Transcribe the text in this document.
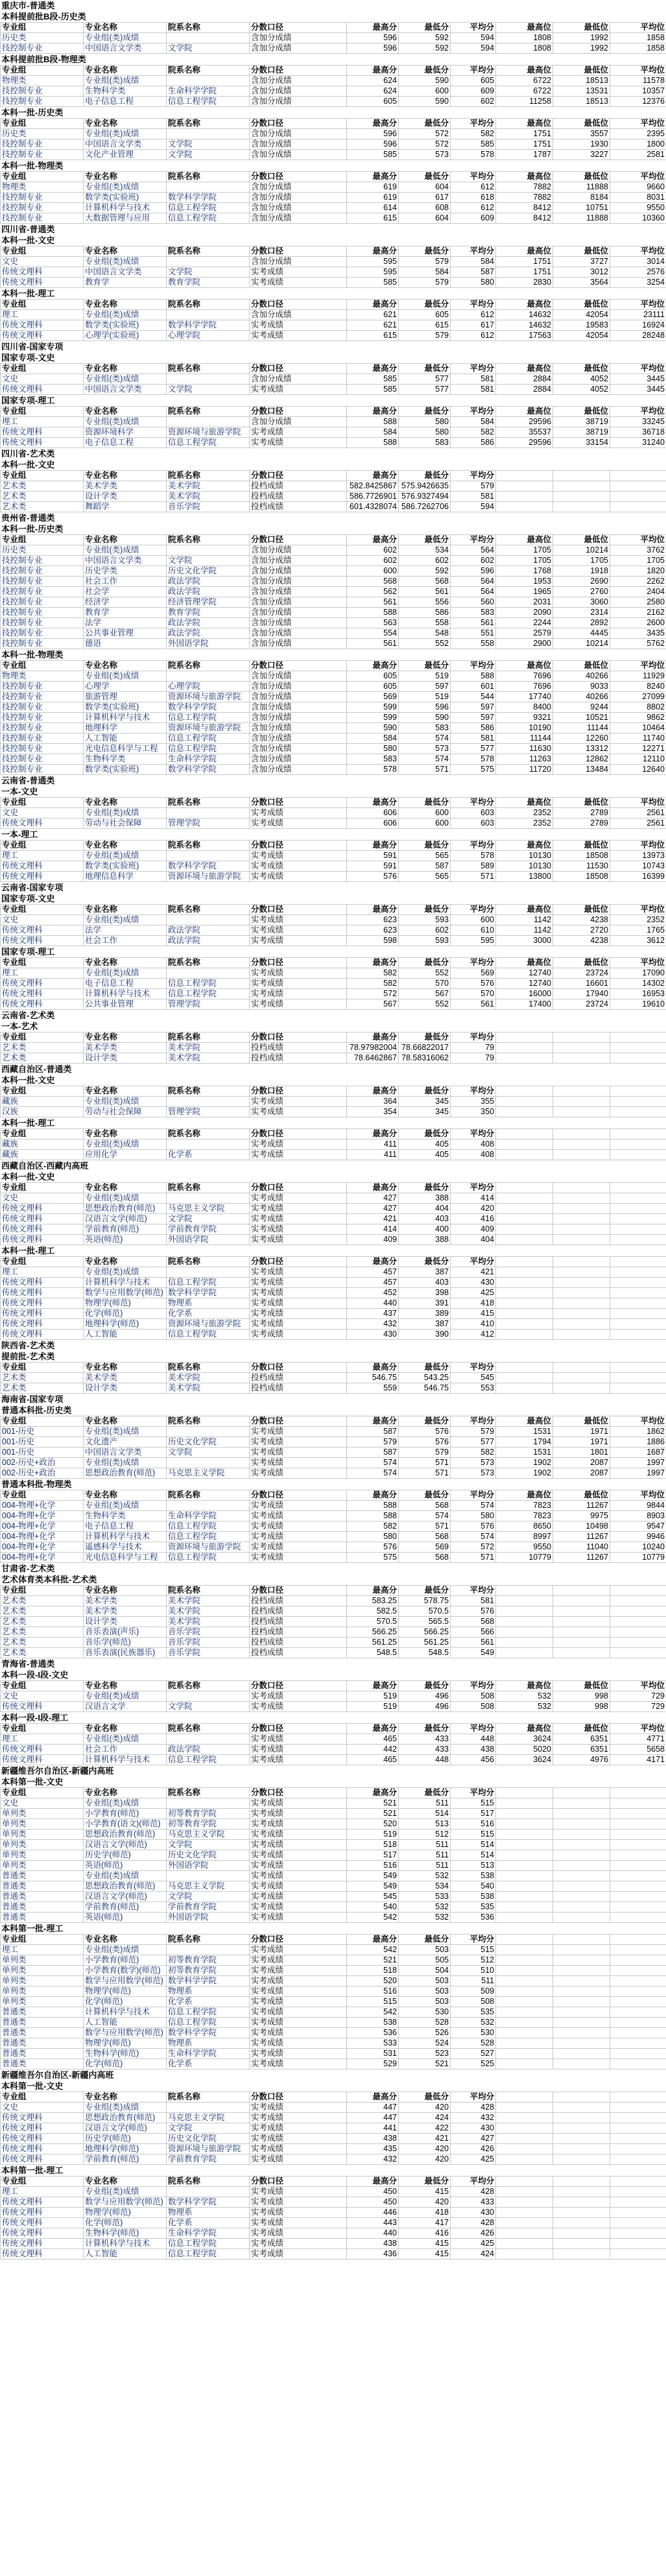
重庆市-普通类
本科提前批B段-历史类
专业组	专业名称	院系名称	分数口径	最高分	最低分	平均分	最高位	最低位	平均位
历史类	专业组(类)成绩		含加分成绩	596	592	594	1808	1992	1858
技控制专业	中国语言文学类	文学院	含加分成绩	596	592	594	1808	1992	1858
本科提前批B段-物理类
专业组	专业名称	院系名称	分数口径	最高分	最低分	平均分	最高位	最低位	平均位
物理类	专业组(类)成绩		含加分成绩	624	590	605	6722	18513	11578
技控制专业	生物科学类	生命科学学院	含加分成绩	624	600	609	6722	13531	10357
技控制专业	电子信息工程	信息工程学院	含加分成绩	605	590	602	11258	18513	12376
本科一批-历史类
专业组	专业名称	院系名称	分数口径	最高分	最低分	平均分	最高位	最低位	平均位
历史类	专业组(类)成绩		含加分成绩	596	572	582	1751	3557	2395
技控制专业	中国语言文学类	文学院	含加分成绩	596	572	585	1751	1930	1800
技控制专业	文化产业管理	文学院	含加分成绩	585	573	578	1787	3227	2581
本科一批-物理类
专业组	专业名称	院系名称	分数口径	最高分	最低分	平均分	最高位	最低位	平均位
物理类	专业组(类)成绩		含加分成绩	619	604	612	7882	11888	9660
技控制专业	数学类(实验班)	数学科学学院	含加分成绩	619	617	618	7882	8184	8031
技控制专业	计算机科学与技术	信息工程学院	含加分成绩	614	608	612	8412	10751	9550
技控制专业	大数据管理与应用	信息工程学院	含加分成绩	615	604	609	8412	11888	10360
四川省-普通类
本科一批-文史
专业组	专业名称	院系名称	分数口径	最高分	最低分	平均分	最高位	最低位	平均位
文史	专业组(类)成绩		含加分成绩	595	579	584	1751	3727	3014
传统文理科	中国语言文学类	文学院	实考成绩	595	584	587	1751	3012	2576
传统文理科	教育学	教育学院	实考成绩	585	579	580	2830	3564	3254
本科一批-理工
专业组	专业名称	院系名称	分数口径	最高分	最低分	平均分	最高位	最低位	平均位
理工	专业组(类)成绩		含加分成绩	621	605	612	14632	42054	23111
传统文理科	数学类(实验班)	数学科学学院	实考成绩	621	615	617	14632	19583	16924
传统文理科	心理学(实验班)	心理学院	实考成绩	615	579	612	17563	42054	28248
四川省-国家专项
国家专项-文史
专业组	专业名称	院系名称	分数口径	最高分	最低分	平均分	最高位	最低位	平均位
文史	专业组(类)成绩		含加分成绩	585	577	581	2884	4052	3445
传统文理科	中国语言文学类	文学院	实考成绩	585	577	581	2884	4052	3445
国家专项-理工
专业组	专业名称	院系名称	分数口径	最高分	最低分	平均分	最高位	最低位	平均位
理工	专业组(类)成绩		含加分成绩	588	580	584	29596	38719	33245
传统文理科	资源环境科学	资源环境与旅游学院	实考成绩	584	580	582	35537	38719	36718
传统文理科	电子信息工程	信息工程学院	实考成绩	588	583	586	29596	33154	31240
四川省-艺术类
本科一批-文史
专业组	专业名称	院系名称	分数口径	最高分	最低分	平均分			
艺术类	美术学类	美术学院	投档成绩	582.8425867	575.9426635	579			
艺术类	设计学类	美术学院	投档成绩	586.7726901	576.9327494	581			
艺术类	舞蹈学	音乐学院	投档成绩	601.4328074	586.7262706	594			
贵州省-普通类
本科一批-历史类
专业组	专业名称	院系名称	分数口径	最高分	最低分	平均分	最高位	最低位	平均位
历史类	专业组(类)成绩		含加分成绩	602	534	564	1705	10214	3762
技控制专业	中国语言文学类	文学院	含加分成绩	602	602	602	1705	1705	1705
技控制专业	历史学类	历史文化学院	含加分成绩	600	592	596	1768	1918	1820
技控制专业	社会工作	政法学院	含加分成绩	568	568	564	1953	2690	2262
技控制专业	社会学	政法学院	含加分成绩	562	561	564	1965	2760	2404
技控制专业	经济学	经济管理学院	含加分成绩	561	556	560	2031	3060	2580
技控制专业	教育学	教育学院	含加分成绩	588	586	583	2090	2314	2162
技控制专业	法学	政法学院	含加分成绩	563	558	561	2244	2892	2600
技控制专业	公共事业管理	政法学院	含加分成绩	554	548	551	2579	4445	3435
技控制专业	德语	外国语学院	含加分成绩	561	552	558	2900	10214	5762
本科一批-物理类
专业组	专业名称	院系名称	分数口径	最高分	最低分	平均分	最高位	最低位	平均位
物理类	专业组(类)成绩		含加分成绩	605	519	588	7696	40266	11929
技控制专业	心理学	心理学院	含加分成绩	605	597	601	7696	9033	8240
技控制专业	旅游管理	资源环境与旅游学院	含加分成绩	569	519	544	17740	40266	27099
技控制专业	数学类(实验班)	数学科学学院	含加分成绩	599	596	597	8400	9244	8802
技控制专业	计算机科学与技术	信息工程学院	含加分成绩	599	590	597	9321	10521	9862
技控制专业	地理科学	资源环境与旅游学院	含加分成绩	590	583	586	10190	11144	10464
技控制专业	人工智能	信息工程学院	含加分成绩	584	574	581	11144	12260	11740
技控制专业	光电信息科学与工程	信息工程学院	含加分成绩	580	573	577	11630	13312	12271
技控制专业	生物科学类	生命科学学院	含加分成绩	583	574	578	11263	12862	12110
技控制专业	数学类(实验班)	数学科学学院	含加分成绩	578	571	575	11720	13484	12640
云南省-普通类
一本-文史
专业组	专业名称	院系名称	分数口径	最高分	最低分	平均分	最高位	最低位	平均位
文史	专业组(类)成绩		实考成绩	606	600	603	2352	2789	2561
传统文理科	劳动与社会保障	管理学院	实考成绩	606	600	603	2352	2789	2561
一本-理工
专业组	专业名称	院系名称	分数口径	最高分	最低分	平均分	最高位	最低位	平均位
理工	专业组(类)成绩		实考成绩	591	565	578	10130	18508	13973
传统文理科	数学类(实验班)	数学科学学院	实考成绩	591	587	589	10130	11530	10743
传统文理科	地理信息科学	资源环境与旅游学院	实考成绩	576	565	571	13800	18508	16399
云南省-国家专项
国家专项-文史
专业组	专业名称	院系名称	分数口径	最高分	最低分	平均分	最高位	最低位	平均位
文史	专业组(类)成绩		实考成绩	623	593	600	1142	4238	2352
传统文理科	法学	政法学院	实考成绩	623	602	610	1142	2720	1765
传统文理科	社会工作	政法学院	实考成绩	598	593	595	3000	4238	3612
国家专项-理工
专业组	专业名称	院系名称	分数口径	最高分	最低分	平均分	最高位	最低位	平均位
理工	专业组(类)成绩		实考成绩	582	552	569	12740	23724	17090
传统文理科	电子信息工程	信息工程学院	实考成绩	582	570	576	12740	16601	14302
传统文理科	计算机科学与技术	信息工程学院	实考成绩	572	567	570	16000	17940	16953
传统文理科	公共事业管理	管理学院	实考成绩	567	552	561	17400	23724	19610
云南省-艺术类
一本-艺术
专业组	专业名称	院系名称	分数口径	最高分	最低分	平均分			
艺术类	美术学类	美术学院	投档成绩	78.97982004	78.66822017	79			
艺术类	设计学类	美术学院	投档成绩	78.6462867	78.58316062	79			
西藏自治区-普通类
本科一批-文史
专业组	专业名称	院系名称	分数口径	最高分	最低分	平均分			
藏族	专业组(类)成绩		实考成绩	364	345	355			
汉族	劳动与社会保障	管理学院	实考成绩	354	345	350			
本科一批-理工
专业组	专业名称	院系名称	分数口径	最高分	最低分	平均分			
藏族	专业组(类)成绩		实考成绩	411	405	408			
藏族	应用化学	化学系	实考成绩	411	405	408			
西藏自治区-西藏内高班
本科一批-文史
专业组	专业名称	院系名称	分数口径	最高分	最低分	平均分			
文史	专业组(类)成绩		实考成绩	427	388	414			
传统文理科	思想政治教育(师范)	马克思主义学院	实考成绩	427	404	420			
传统文理科	汉语言文学(师范)	文学院	实考成绩	421	403	416			
传统文理科	学前教育(师范)	学前教育学院	实考成绩	414	400	409			
传统文理科	英语(师范)	外国语学院	实考成绩	409	388	404			
本科一批-理工
专业组	专业名称	院系名称	分数口径	最高分	最低分	平均分			
理工	专业组(类)成绩		实考成绩	457	387	421			
传统文理科	计算机科学与技术	信息工程学院	实考成绩	457	403	430			
传统文理科	数学与应用数学(师范)	数学科学学院	实考成绩	452	398	425			
传统文理科	物理学(师范)	物理系	实考成绩	440	391	418			
传统文理科	化学(师范)	化学系	实考成绩	437	389	415			
传统文理科	地理科学(师范)	资源环境与旅游学院	实考成绩	432	387	410			
传统文理科	人工智能	信息工程学院	实考成绩	430	390	412			
陕西省-艺术类
提前批-艺术类
专业组	专业名称	院系名称	分数口径	最高分	最低分	平均分			
艺术类	美术学类	美术学院	投档成绩	546.75	543.25	545			
艺术类	设计学类	美术学院	投档成绩	559	546.75	553			
海南省-国家专项
普通本科批-历史类
专业组	专业名称	院系名称	分数口径	最高分	最低分	平均分	最高位	最低位	平均位
001-历史	专业组(类)成绩		实考成绩	587	576	579	1531	1971	1862
001-历史	文化遗产	历史文化学院	实考成绩	579	576	577	1794	1971	1886
001-历史	中国语言文学类	文学院	实考成绩	587	579	582	1531	1801	1687
002-历史+政治	专业组(类)成绩		实考成绩	574	571	573	1902	2087	1997
002-历史+政治	思想政治教育(师范)	马克思主义学院	实考成绩	574	571	573	1902	2087	1997
普通本科批-物理类
专业组	专业名称	院系名称	分数口径	最高分	最低分	平均分	最高位	最低位	平均位
004-物理+化学	专业组(类)成绩		实考成绩	588	568	574	7823	11267	9844
004-物理+化学	生物科学类	生命科学学院	实考成绩	588	574	580	7823	9975	8903
004-物理+化学	电子信息工程	信息工程学院	实考成绩	582	571	576	8650	10498	9547
004-物理+化学	计算机科学与技术	信息工程学院	实考成绩	580	568	574	8997	11267	9946
004-物理+化学	遥感科学与技术	资源环境与旅游学院	实考成绩	576	569	572	9550	11040	10240
004-物理+化学	光电信息科学与工程	信息工程学院	实考成绩	575	568	571	10779	11267	10779
甘肃省-艺术类
艺术体育类本科批-艺术类
专业组	专业名称	院系名称	分数口径	最高分	最低分	平均分			
艺术类	美术学类	美术学院	投档成绩	583.25	578.75	581			
艺术类	美术学类	美术学院	投档成绩	582.5	570.5	576			
艺术类	设计学类	美术学院	投档成绩	570.5	565.5	568			
艺术类	音乐表演(声乐)	音乐学院	投档成绩	566.25	566.25	566			
艺术类	音乐学(师范)	音乐学院	投档成绩	561.25	561.25	561			
艺术类	音乐表演(民族器乐)	音乐学院	投档成绩	548.5	548.5	549			
青海省-普通类
本科一段-I段-文史
专业组	专业名称	院系名称	分数口径	最高分	最低分	平均分	最高位	最低位	平均位
文史	专业组(类)成绩		实考成绩	519	496	508	532	998	729
传统文理科	汉语言文学	文学院	实考成绩	519	496	508	532	998	729
本科一段-I段-理工
专业组	专业名称	院系名称	分数口径	最高分	最低分	平均分	最高位	最低位	平均位
理工	专业组(类)成绩		实考成绩	465	433	448	3624	6351	4771
传统文理科	社会工作	政法学院	实考成绩	442	433	438	5020	6351	5658
传统文理科	计算机科学与技术	信息工程学院	实考成绩	465	448	456	3624	4976	4171
新疆维吾尔自治区-新疆内高班
本科第一批-文史
专业组	专业名称	院系名称	分数口径	最高分	最低分	平均分			
文史	专业组(类)成绩		实考成绩	521	511	515			
单列类	小学教育(师范)	初等教育学院	实考成绩	521	514	517			
单列类	小学教育(语文)(师范)	初等教育学院	实考成绩	520	513	516			
单列类	思想政治教育(师范)	马克思主义学院	实考成绩	519	512	515			
单列类	汉语言文学(师范)	文学院	实考成绩	518	511	514			
单列类	历史学(师范)	历史文化学院	实考成绩	517	511	514			
单列类	英语(师范)	外国语学院	实考成绩	516	511	513			
普通类	专业组(类)成绩		实考成绩	549	532	538			
普通类	思想政治教育(师范)	马克思主义学院	实考成绩	549	534	540			
普通类	汉语言文学(师范)	文学院	实考成绩	545	533	538			
普通类	学前教育(师范)	学前教育学院	实考成绩	540	532	535			
普通类	英语(师范)	外国语学院	实考成绩	542	532	536			
本科第一批-理工
专业组	专业名称	院系名称	分数口径	最高分	最低分	平均分			
理工	专业组(类)成绩		实考成绩	542	503	515			
单列类	小学教育(师范)	初等教育学院	实考成绩	521	505	512			
单列类	小学教育(数学)(师范)	初等教育学院	实考成绩	518	504	510			
单列类	数学与应用数学(师范)	数学科学学院	实考成绩	520	503	511			
单列类	物理学(师范)	物理系	实考成绩	516	503	509			
单列类	化学(师范)	化学系	实考成绩	515	503	508			
普通类	计算机科学与技术	信息工程学院	实考成绩	542	530	535			
普通类	人工智能	信息工程学院	实考成绩	538	528	532			
普通类	数学与应用数学(师范)	数学科学学院	实考成绩	536	526	530			
普通类	物理学(师范)	物理系	实考成绩	533	524	528			
普通类	生物科学(师范)	生命科学学院	实考成绩	531	523	527			
普通类	化学(师范)	化学系	实考成绩	529	521	525			
新疆维吾尔自治区-新疆内高班
本科第一批-文史
专业组	专业名称	院系名称	分数口径	最高分	最低分	平均分			
文史	专业组(类)成绩		实考成绩	447	420	428			
传统文理科	思想政治教育(师范)	马克思主义学院	实考成绩	447	424	432			
传统文理科	汉语言文学(师范)	文学院	实考成绩	441	422	430			
传统文理科	历史学(师范)	历史文化学院	实考成绩	438	421	427			
传统文理科	地理科学(师范)	资源环境与旅游学院	实考成绩	435	420	426			
传统文理科	学前教育(师范)	学前教育学院	实考成绩	432	420	425			
本科第一批-理工
专业组	专业名称	院系名称	分数口径	最高分	最低分	平均分			
理工	专业组(类)成绩		实考成绩	450	415	428			
传统文理科	数学与应用数学(师范)	数学科学学院	实考成绩	450	420	433			
传统文理科	物理学(师范)	物理系	实考成绩	446	418	430			
传统文理科	化学(师范)	化学系	实考成绩	443	417	428			
传统文理科	生物科学(师范)	生命科学学院	实考成绩	440	416	426			
传统文理科	计算机科学与技术	信息工程学院	实考成绩	438	415	425			
传统文理科	人工智能	信息工程学院	实考成绩	436	415	424			
